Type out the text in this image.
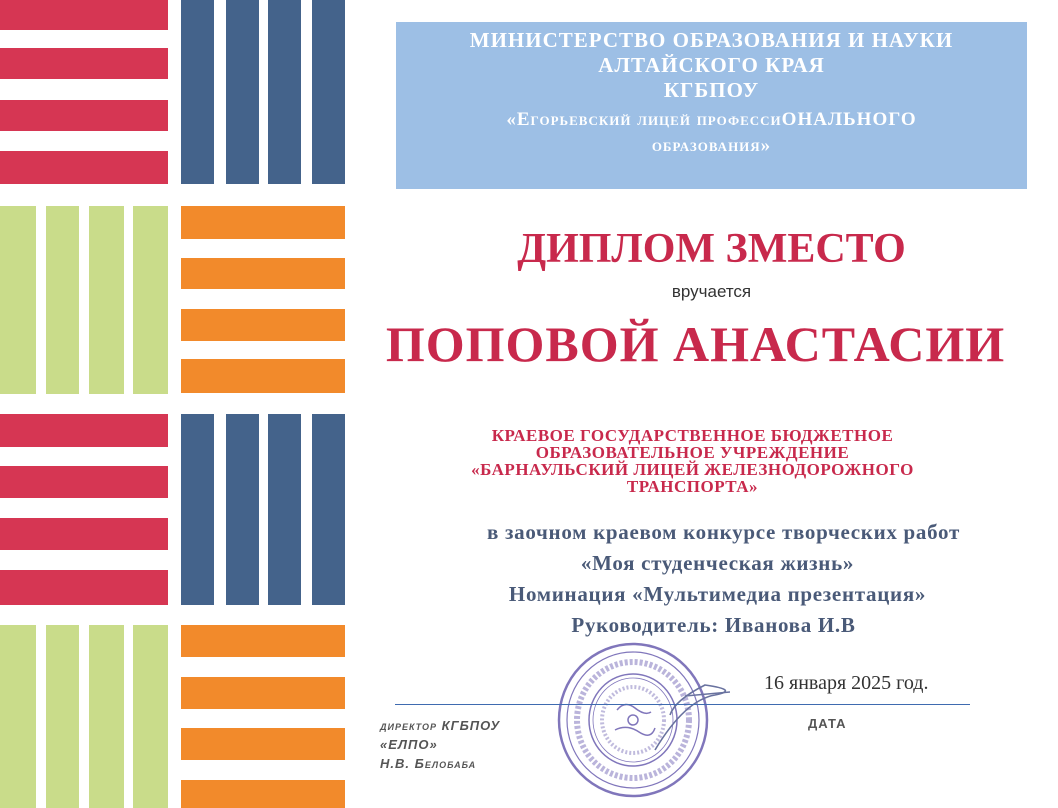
МИНИСТЕРСТВО ОБРАЗОВАНИЯ И НАУКИ
АЛТАЙСКОГО КРАЯ
КГБПОУ
«Егорьевский лицей профессиОНАЛЬНОГО
образования»
ДИПЛОМ ЗМЕСТО
вручается
ПОПОВОЙ АНАСТАСИИ
КРАЕВОЕ ГОСУДАРСТВЕННОЕ БЮДЖЕТНОЕ
ОБРАЗОВАТЕЛЬНОЕ УЧРЕЖДЕНИЕ
«БАРНАУЛЬСКИЙ ЛИЦЕЙ ЖЕЛЕЗНОДОРОЖНОГО
ТРАНСПОРТА»
в заочном краевом конкурсе творческих работ
«Моя студенческая жизнь»
Номинация «Мультимедиа презентация»
Руководитель: Иванова И.В
16 января 2025 год.
директор КГБПОУ
«ЕЛПО»
Н.В. Белобаба
ДАТА
